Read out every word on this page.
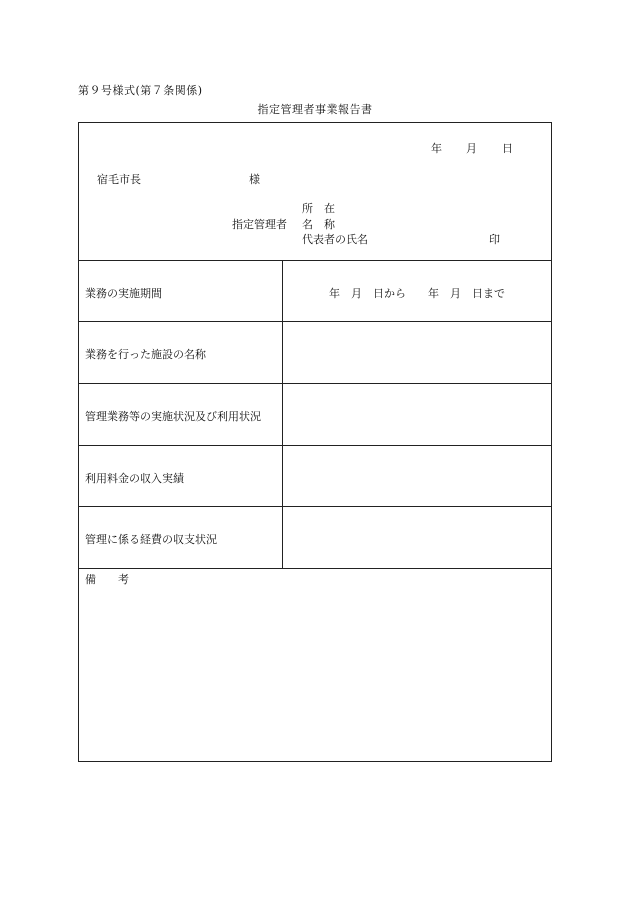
第９号様式(第７条関係)
指定管理者事業報告書
年 月 日
宿毛市長	様
所　在
指定管理者 名　称
代表者の氏名	印
業務の実施期間	年　月　日から　　年　月　日まで
業務を行った施設の名称
管理業務等の実施状況及び利用状況
利用料金の収入実績
管理に係る経費の収支状況
備　　考
